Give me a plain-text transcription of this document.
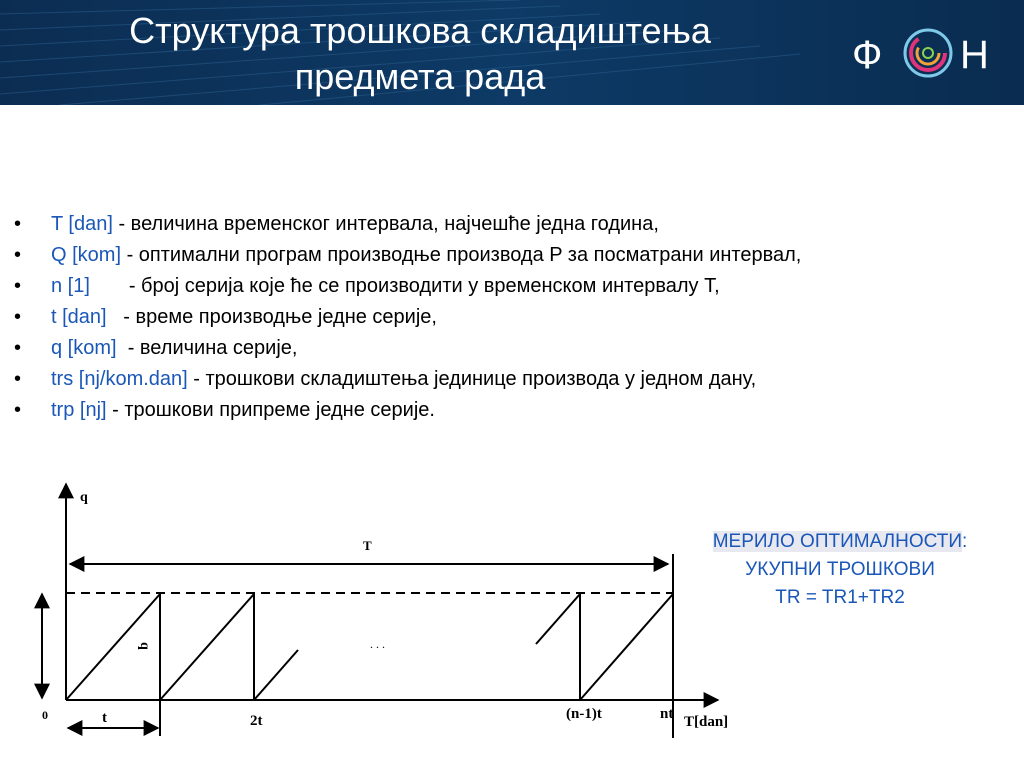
Структура трошкова складиштења
предмета рада	Ф Н
• T [dan] - величина временског интервала, најчешће једна година,
• Q [kom] - оптимални програм производње производа P за посматрани интервал,
• n [1]       - број серија које ће се производити у временском интервалу T,
• t [dan]   - време производње једне серије,
• q [kom]  - величина серије,
• trs [nj/kom.dan] - трошкови складиштења јединице производа у једном дану,
• trp [nj] - трошкови припреме једне серије.
q
T
q	. . .
0	t	2t	(n-1)t	nt T[dan]
МЕРИЛО ОПТИМАЛНОСТИ:
УКУПНИ ТРОШКОВИ
TR = TR1+TR2
